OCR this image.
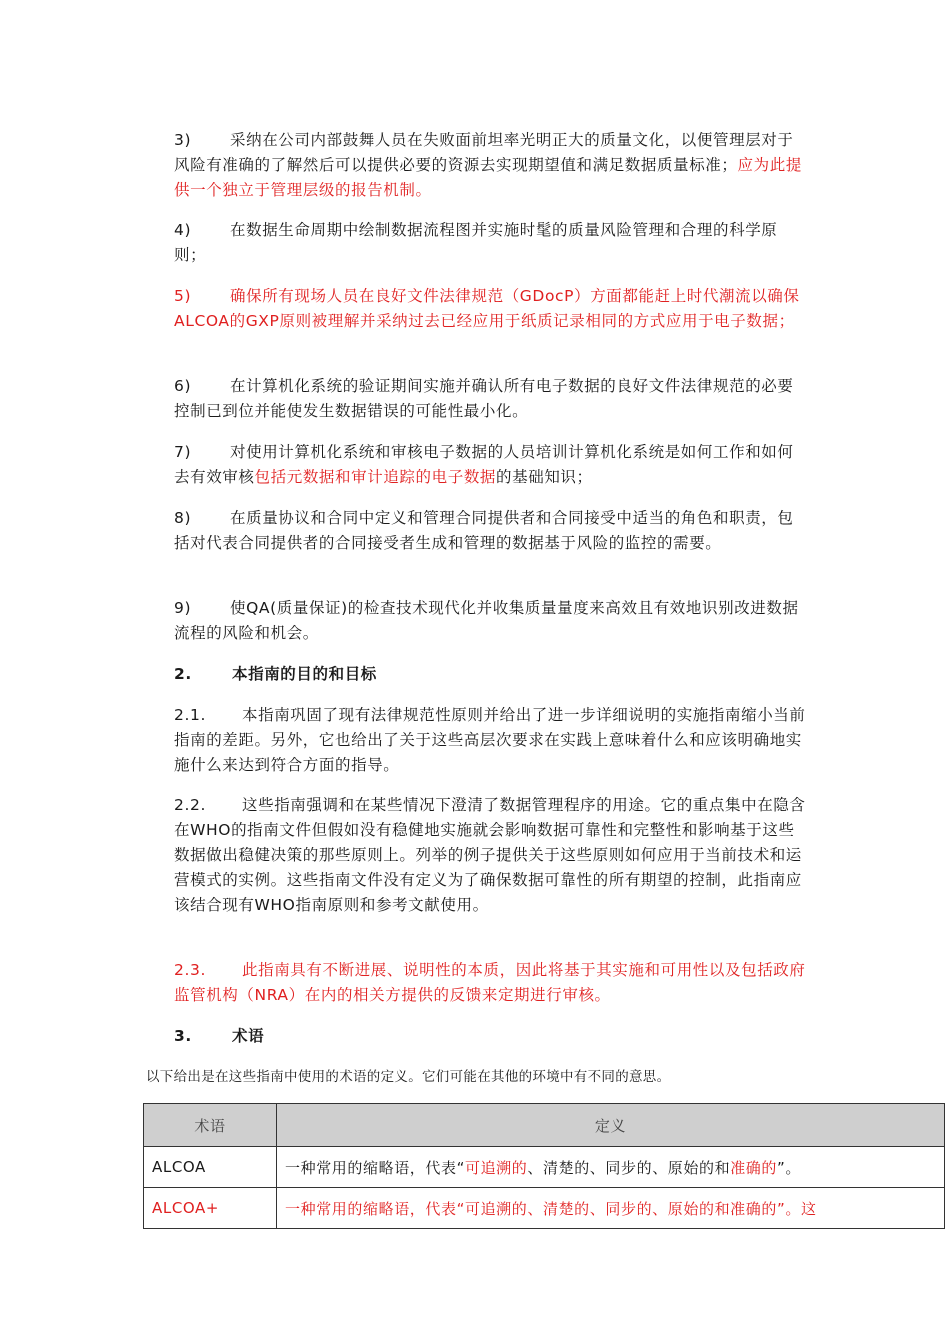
3)	采纳在公司内部鼓舞人员在失败面前坦率光明正大的质量文化，以便管理层对于风险有准确的了解然后可以提供必要的资源去实现期望值和满足数据质量标准；应为此提供一个独立于管理层级的报告机制。

4)	在数据生命周期中绘制数据流程图并实施时髦的质量风险管理和合理的科学原则；

5)	确保所有现场人员在良好文件法律规范（GDocP）方面都能赶上时代潮流以确保ALCOA的GXP原则被理解并采纳过去已经应用于纸质记录相同的方式应用于电子数据；

6)	在计算机化系统的验证期间实施并确认所有电子数据的良好文件法律规范的必要控制已到位并能使发生数据错误的可能性最小化。

7)	对使用计算机化系统和审核电子数据的人员培训计算机化系统是如何工作和如何去有效审核包括元数据和审计追踪的电子数据的基础知识；

8)	在质量协议和合同中定义和管理合同提供者和合同接受中适当的角色和职责，包括对代表合同提供者的合同接受者生成和管理的数据基于风险的监控的需要。

9)	使QA(质量保证)的检查技术现代化并收集质量量度来高效且有效地识别改进数据流程的风险和机会。

2.	本指南的目的和目标

2.1. 本指南巩固了现有法律规范性原则并给出了进一步详细说明的实施指南缩小当前指南的差距。另外，它也给出了关于这些高层次要求在实践上意味着什么和应该明确地实施什么来达到符合方面的指导。

2.2. 这些指南强调和在某些情况下澄清了数据管理程序的用途。它的重点集中在隐含在WHO的指南文件但假如没有稳健地实施就会影响数据可靠性和完整性和影响基于这些数据做出稳健决策的那些原则上。列举的例子提供关于这些原则如何应用于当前技术和运营模式的实例。这些指南文件没有定义为了确保数据可靠性的所有期望的控制，此指南应该结合现有WHO指南原则和参考文献使用。

2.3. 此指南具有不断进展、说明性的本质，因此将基于其实施和可用性以及包括政府监管机构（NRA）在内的相关方提供的反馈来定期进行审核。

3.	术语
以下给出是在这些指南中使用的术语的定义。它们可能在其他的环境中有不同的意思。
术语	定义
ALCOA	一种常用的缩略语，代表“可追溯的、清楚的、同步的、原始的和准确的”。
ALCOA+	一种常用的缩略语，代表“可追溯的、清楚的、同步的、原始的和准确的”。这
